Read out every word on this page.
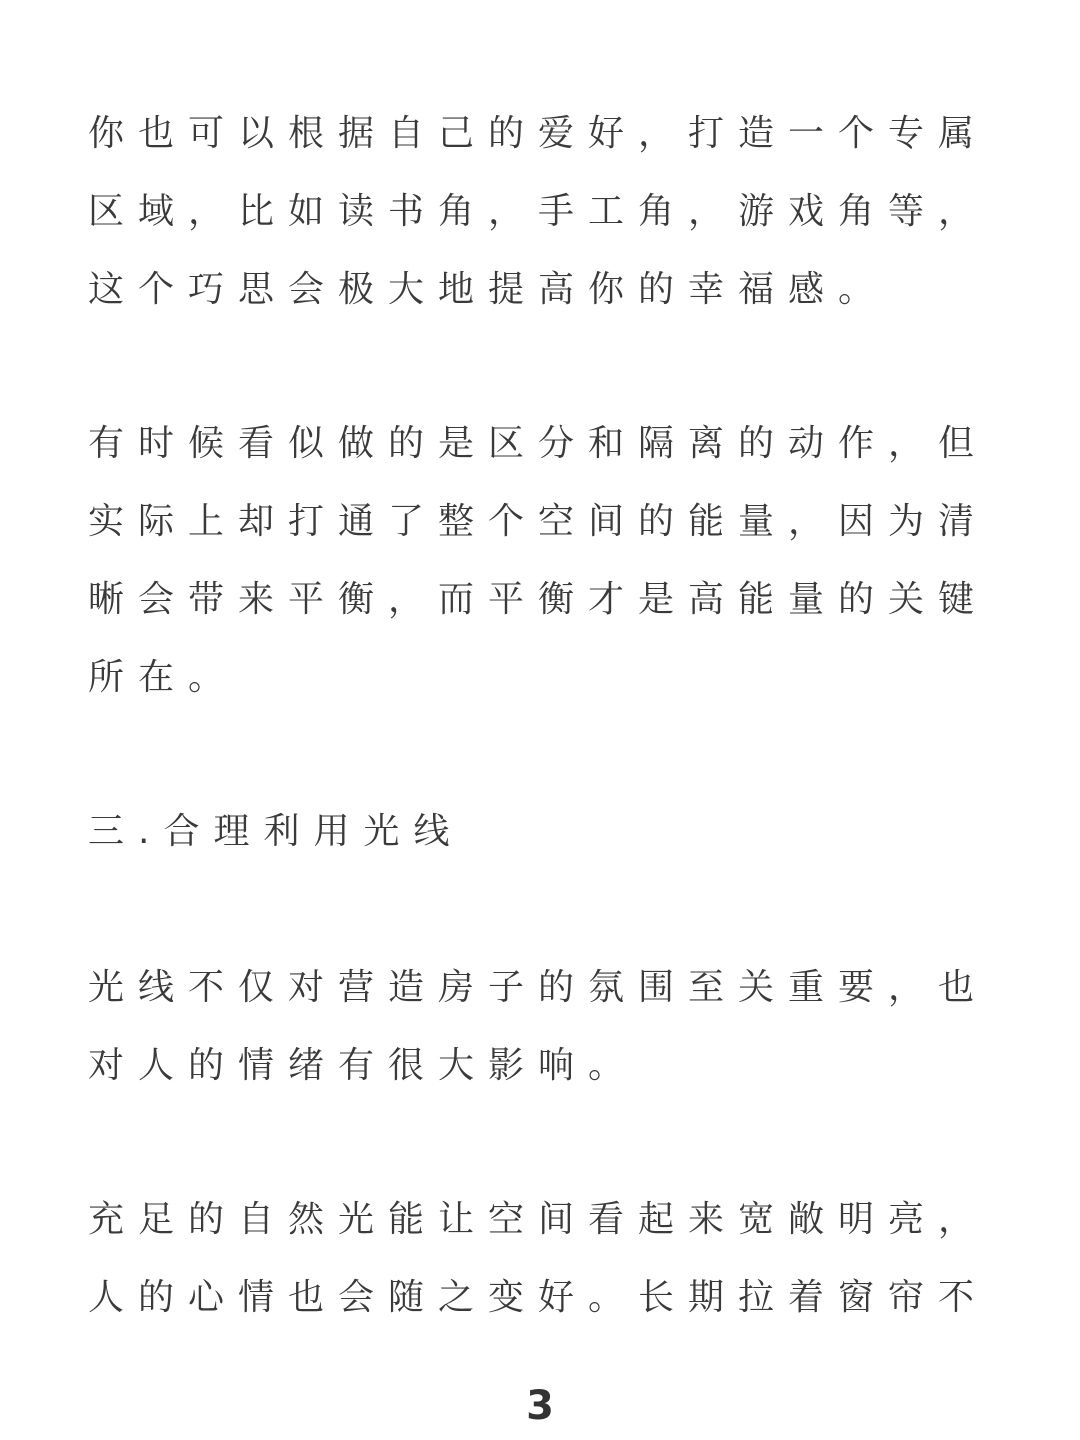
你也可以根据自己的爱好，打造一个专属

区域，比如读书角，手工角，游戏角等，

这个巧思会极大地提高你的幸福感。

有时候看似做的是区分和隔离的动作，但

实际上却打通了整个空间的能量，因为清

晰会带来平衡，而平衡才是高能量的关键

所在。

三.合理利用光线

光线不仅对营造房子的氛围至关重要，也

对人的情绪有很大影响。

充足的自然光能让空间看起来宽敞明亮，

人的心情也会随之变好。长期拉着窗帘不

3
